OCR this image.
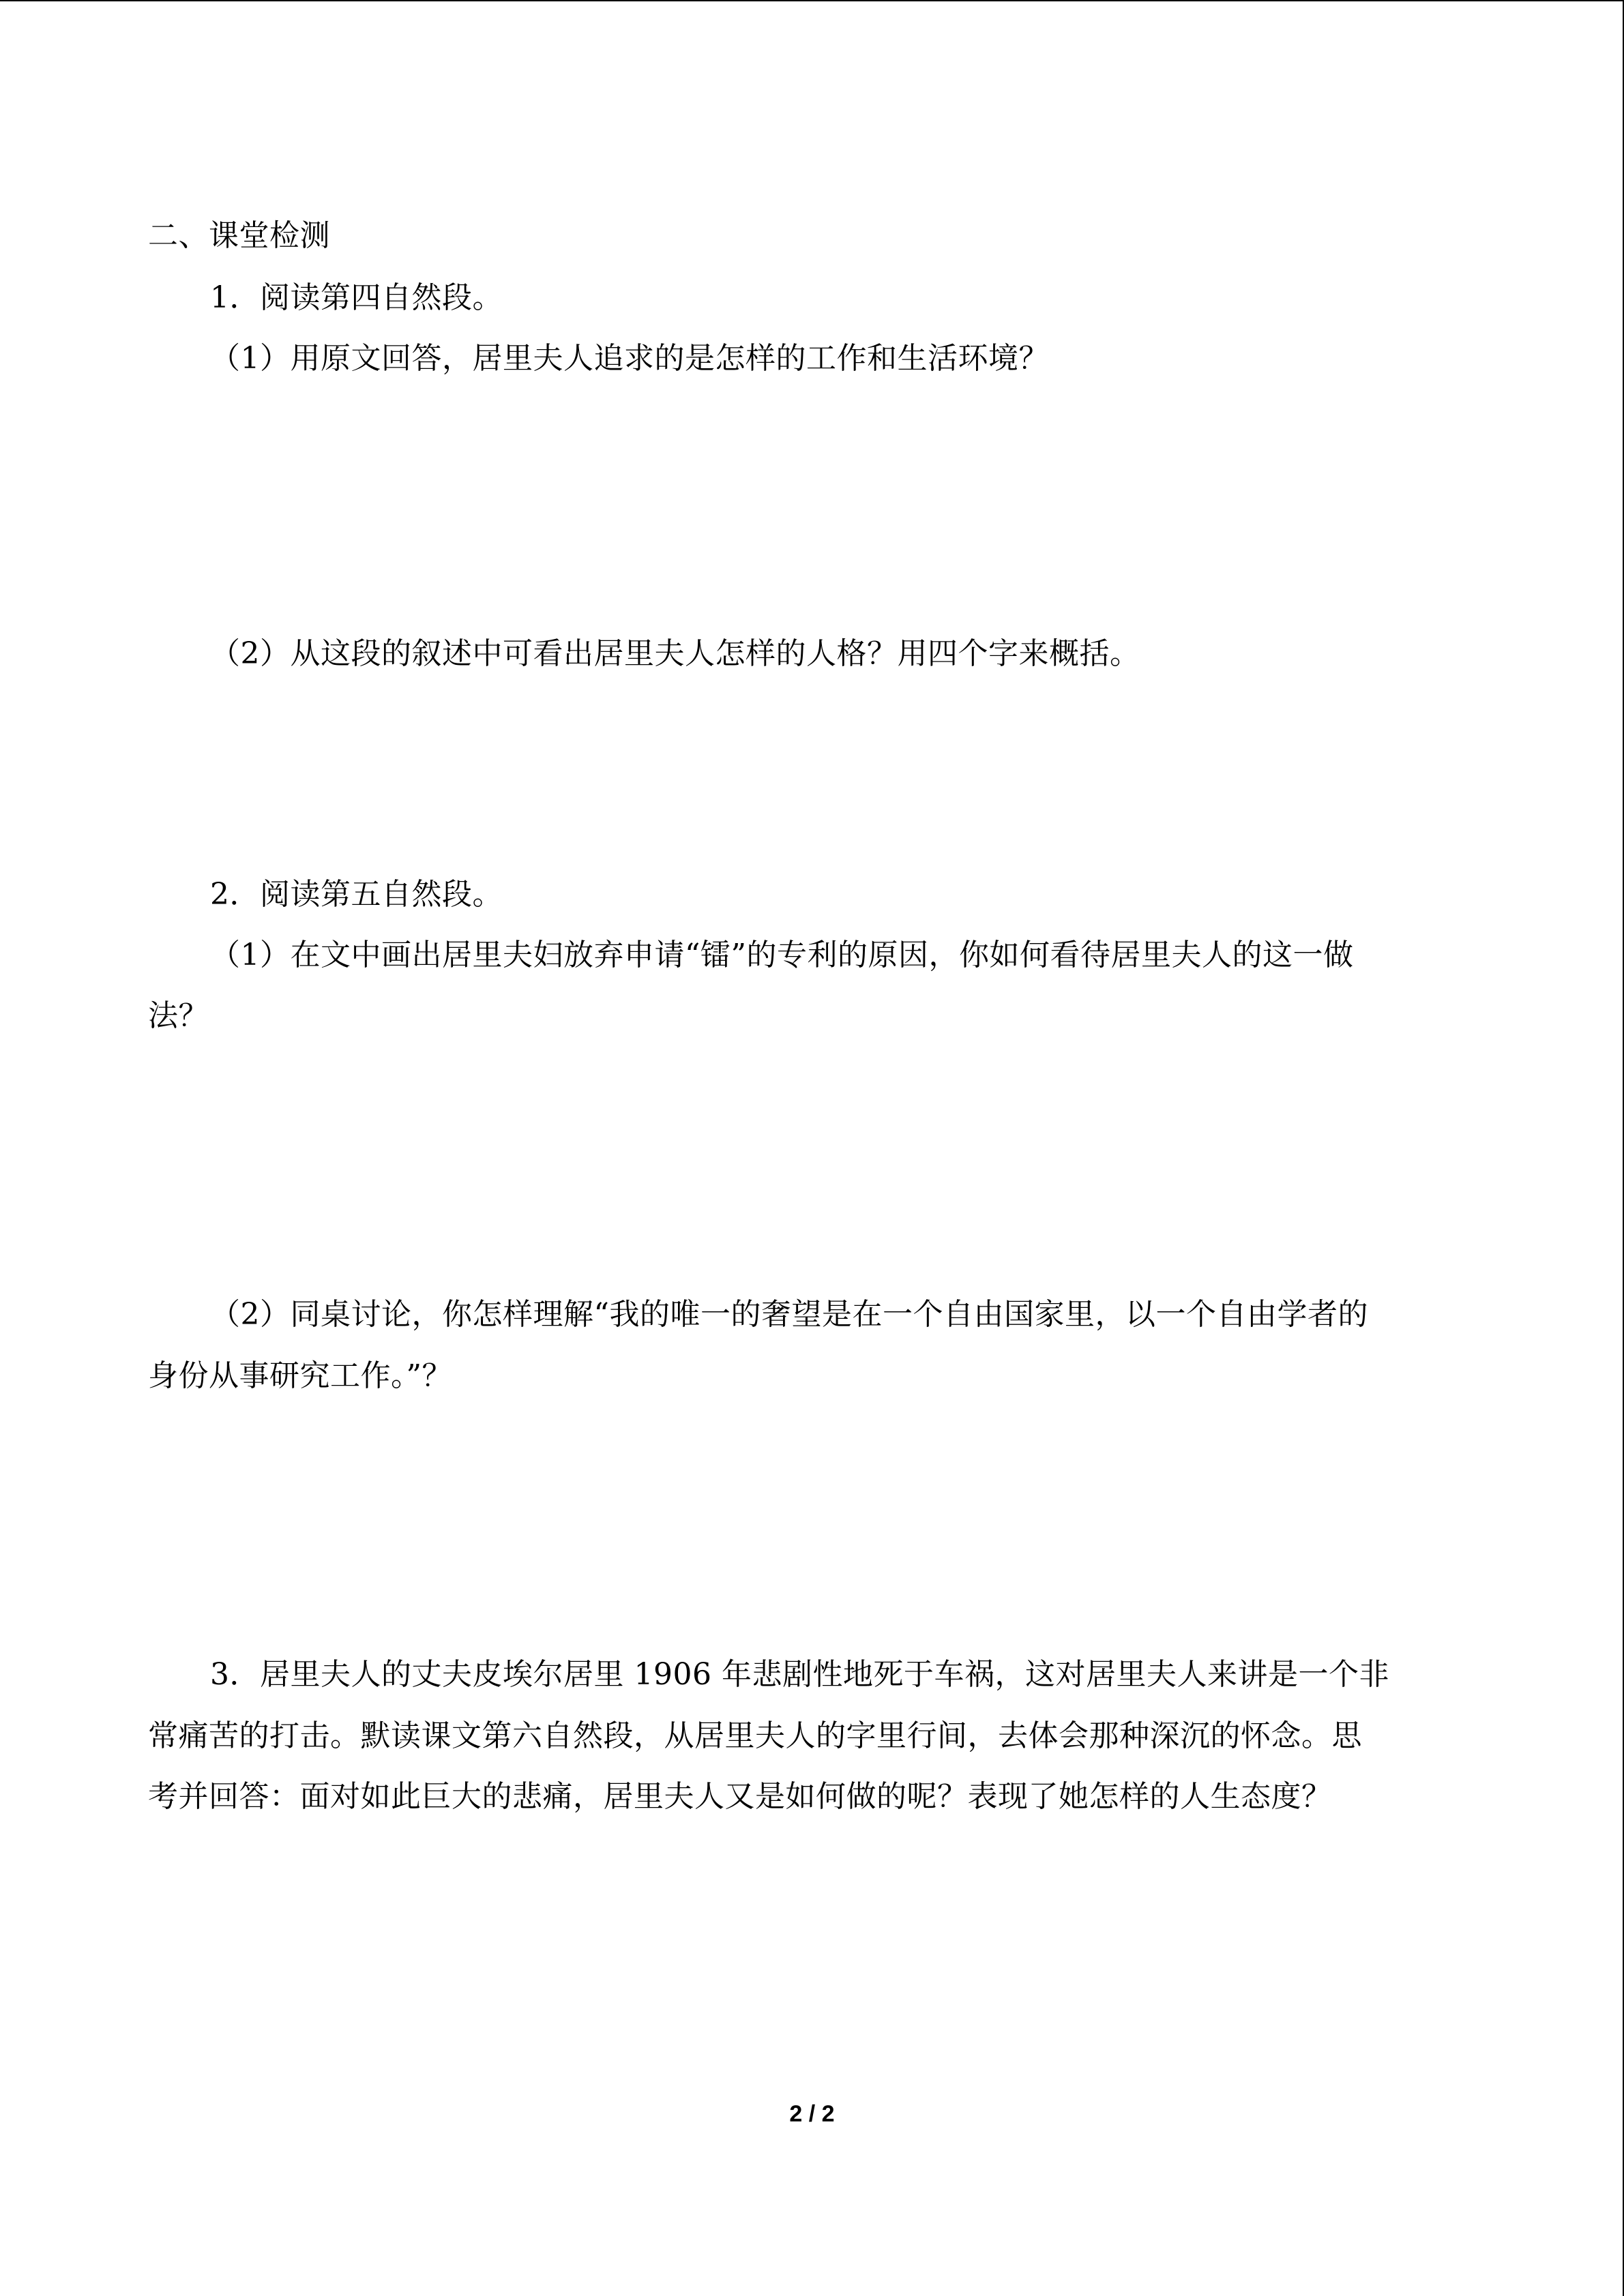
二、课堂检测
1．阅读第四自然段。
（1）用原文回答，居里夫人追求的是怎样的工作和生活环境？
（2）从这段的叙述中可看出居里夫人怎样的人格？用四个字来概括。
2．阅读第五自然段。
（1）在文中画出居里夫妇放弃申请“镭”的专利的原因，你如何看待居里夫人的这一做
法？
（2）同桌讨论，你怎样理解“我的唯一的奢望是在一个自由国家里，以一个自由学者的
身份从事研究工作。”？
3．居里夫人的丈夫皮埃尔居里 1906 年悲剧性地死于车祸，这对居里夫人来讲是一个非
常痛苦的打击。默读课文第六自然段，从居里夫人的字里行间，去体会那种深沉的怀念。思
考并回答：面对如此巨大的悲痛，居里夫人又是如何做的呢？表现了她怎样的人生态度？
2 / 2
